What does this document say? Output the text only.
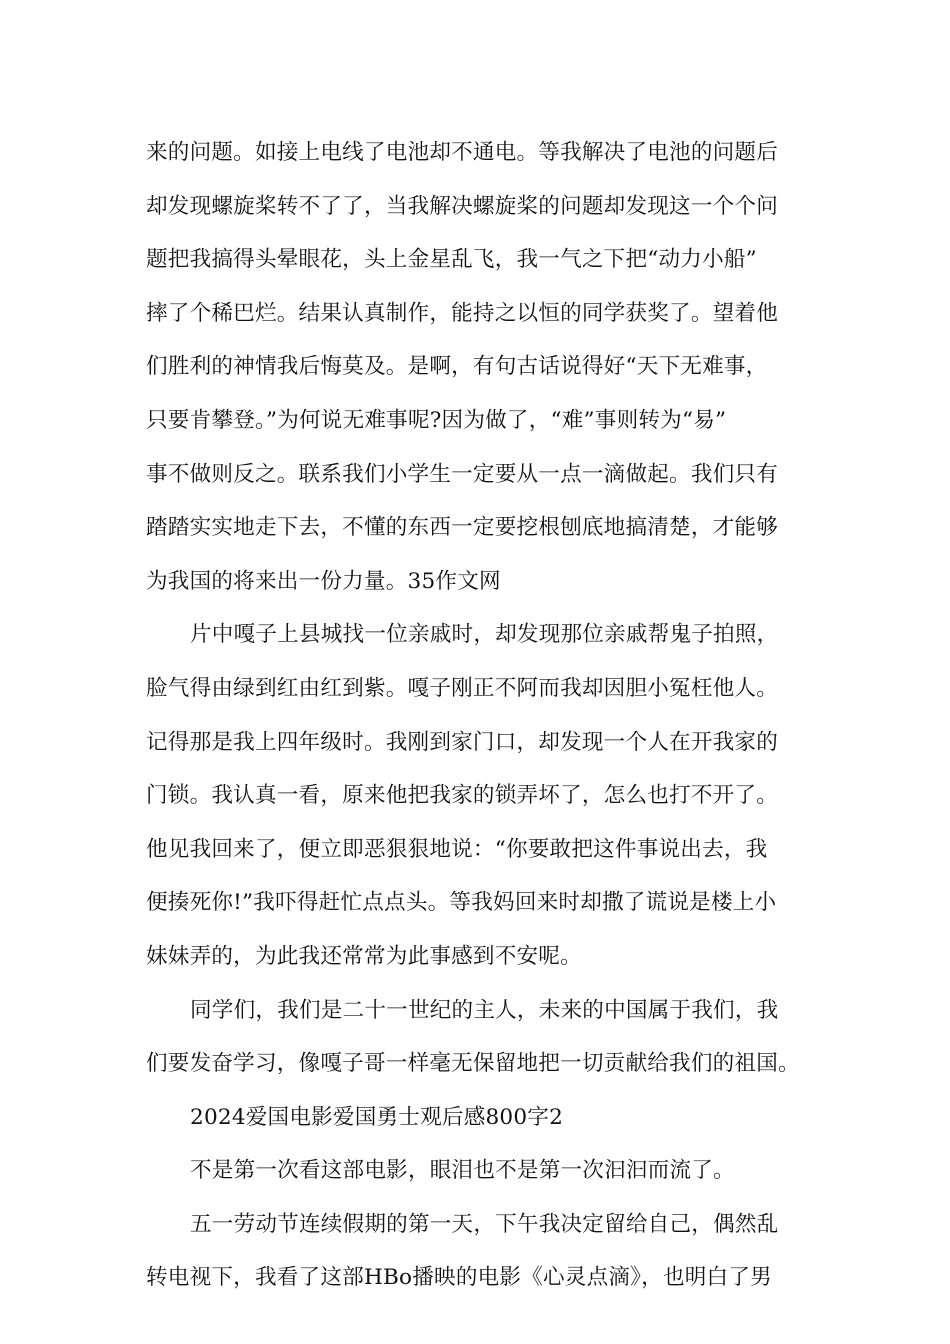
来的问题。如接上电线了电池却不通电。等我解决了电池的问题后
却发现螺旋桨转不了了，当我解决螺旋桨的问题却发现这一个个问
题把我搞得头晕眼花，头上金星乱飞，我一气之下把“动力小船”
摔了个稀巴烂。结果认真制作，能持之以恒的同学获奖了。望着他
们胜利的神情我后悔莫及。是啊，有句古话说得好“天下无难事，
只要肯攀登。”为何说无难事呢?因为做了，“难”事则转为“易”
事不做则反之。联系我们小学生一定要从一点一滴做起。我们只有
踏踏实实地走下去，不懂的东西一定要挖根刨底地搞清楚，才能够
为我国的将来出一份力量。35作文网
片中嘎子上县城找一位亲戚时，却发现那位亲戚帮鬼子拍照，
脸气得由绿到红由红到紫。嘎子刚正不阿而我却因胆小冤枉他人。
记得那是我上四年级时。我刚到家门口，却发现一个人在开我家的
门锁。我认真一看，原来他把我家的锁弄坏了，怎么也打不开了。
他见我回来了，便立即恶狠狠地说：“你要敢把这件事说出去，我
便揍死你!”我吓得赶忙点点头。等我妈回来时却撒了谎说是楼上小
妹妹弄的，为此我还常常为此事感到不安呢。
同学们，我们是二十一世纪的主人，未来的中国属于我们，我
们要发奋学习，像嘎子哥一样毫无保留地把一切贡献给我们的祖国。
2024爱国电影爱国勇士观后感800字2
不是第一次看这部电影，眼泪也不是第一次汩汩而流了。
五一劳动节连续假期的第一天，下午我决定留给自己，偶然乱
转电视下，我看了这部HBo播映的电影《心灵点滴》，也明白了男
